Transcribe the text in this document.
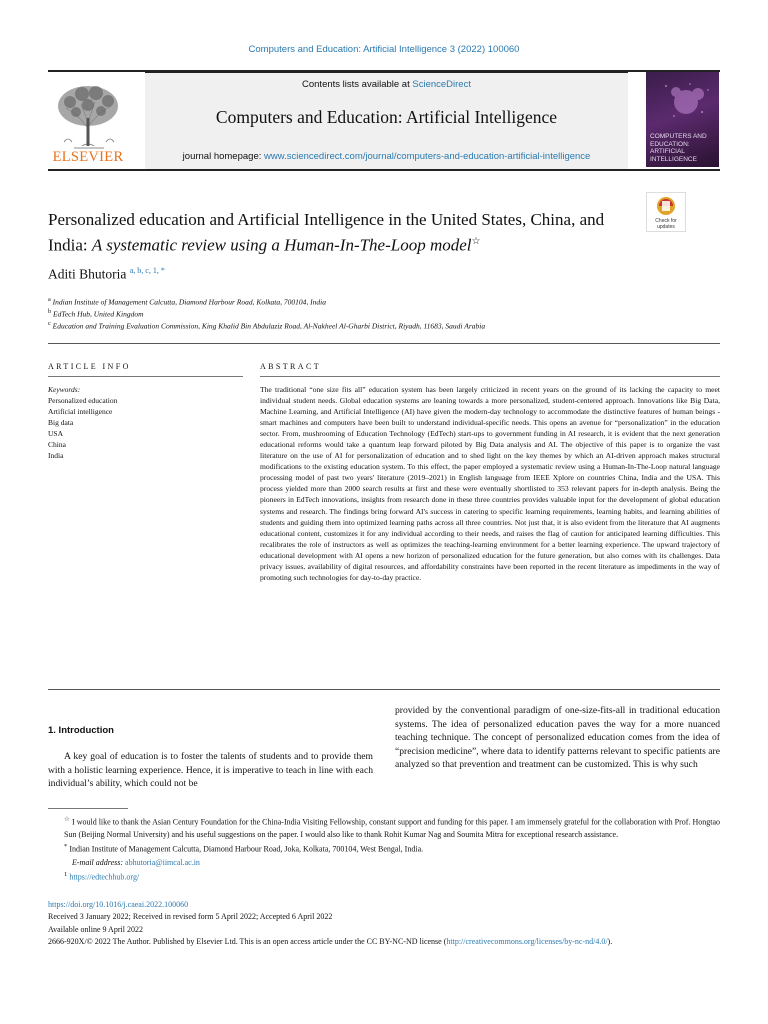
Computers and Education: Artificial Intelligence 3 (2022) 100060
Contents lists available at ScienceDirect
Computers and Education: Artificial Intelligence
journal homepage: www.sciencedirect.com/journal/computers-and-education-artificial-intelligence
ELSEVIER
COMPUTERS AND EDUCATION: ARTIFICIAL INTELLIGENCE
Check for
updates
Personalized education and Artificial Intelligence in the United States, China, and India: A systematic review using a Human-In-The-Loop model☆
Aditi Bhutoria $^{a, b, c, 1, *}$
$^a$ Indian Institute of Management Calcutta, Diamond Harbour Road, Kolkata, 700104, India
$^b$ EdTech Hub, United Kingdom
$^c$ Education and Training Evaluation Commission, King Khalid Bin Abdulaziz Road, Al-Nakheel Al-Gharbi District, Riyadh, 11683, Saudi Arabia
ARTICLE INFO	ABSTRACT
Keywords:
Personalized education
Artificial intelligence
Big data
USA
China
India
The traditional “one size fits all” education system has been largely criticized in recent years on the ground of its lacking the capacity to meet individual student needs. Global education systems are leaning towards a more personalized, student-centered approach. Innovations like Big Data, Machine Learning, and Artificial Intelligence (AI) have given the modern-day technology to accommodate the distinctive features of human beings - smart machines and computers have been built to understand individual-specific needs. This opens an avenue for “personalization” in the education sector. From, mushrooming of Education Technology (EdTech) start-ups to government funding in AI research, it is evident that the next generation educational reforms would take a quantum leap forward piloted by Big Data analysis and AI. The objective of this paper is to organize the vast literature on the use of AI for personalization of education and to shed light on the key themes by which an AI-driven approach makes structural modifications to the existing education system. To this effect, the paper employed a systematic review using a Human-In-The-Loop natural language processing model of past two years' literature (2019–2021) in English language from IEEE Xplore on countries China, India and the USA. This process yielded more than 2000 search results at first and these were eventually shortlisted to 353 relevant papers for in-depth analysis. Being the pioneers in EdTech innovations, insights from research done in these three countries provides valuable input for the development of global education systems and research. The findings bring forward AI's success in catering to specific learning requirements, learning habits, and learning abilities of students and guiding them into optimized learning paths across all three countries. Not just that, it is also evident from the literature that AI augments educational content, customizes it for any individual according to their needs, and raises the flag of caution for anticipated learning difficulties. This recalibrates the role of instructors as well as optimizes the teaching-learning environment for a better learning experience. The upward trajectory of educational development with AI opens a new horizon of personalized education for the future generation, but also comes with its challenges. Data privacy issues, availability of digital resources, and affordability constraints have been reported in the recent literature as impediments in the way of promoting such technologies for day-to-day practice.
1. Introduction
A key goal of education is to foster the talents of students and to provide them with a holistic learning experience. Hence, it is imperative to teach in line with each individual’s ability, which could not be
provided by the conventional paradigm of one-size-fits-all in traditional education systems. The idea of personalized education paves the way for a more nuanced teaching technique. The concept of personalized education comes from the idea of “precision medicine”, where data to identify patterns relevant to specific patients are analyzed so that prevention and treatment can be customized. This is why such

☆ I would like to thank the Asian Century Foundation for the China-India Visiting Fellowship, constant support and funding for this paper. I am immensely grateful for the collaboration with Prof. Hongtao Sun (Beijing Normal University) and his useful suggestions on the paper. I would also like to thank Rohit Kumar Nag and Soumita Mitra for exceptional research assistance.

* Indian Institute of Management Calcutta, Diamond Harbour Road, Joka, Kolkata, 700104, West Bengal, India.

E-mail address: abhutoria@iimcal.ac.in

$^1$ https://edtechhub.org/

https://doi.org/10.1016/j.caeai.2022.100060
Received 3 January 2022; Received in revised form 5 April 2022; Accepted 6 April 2022
Available online 9 April 2022
2666-920X/© 2022 The Author. Published by Elsevier Ltd. This is an open access article under the CC BY-NC-ND license (http://creativecommons.org/licenses/by-nc-nd/4.0/).
